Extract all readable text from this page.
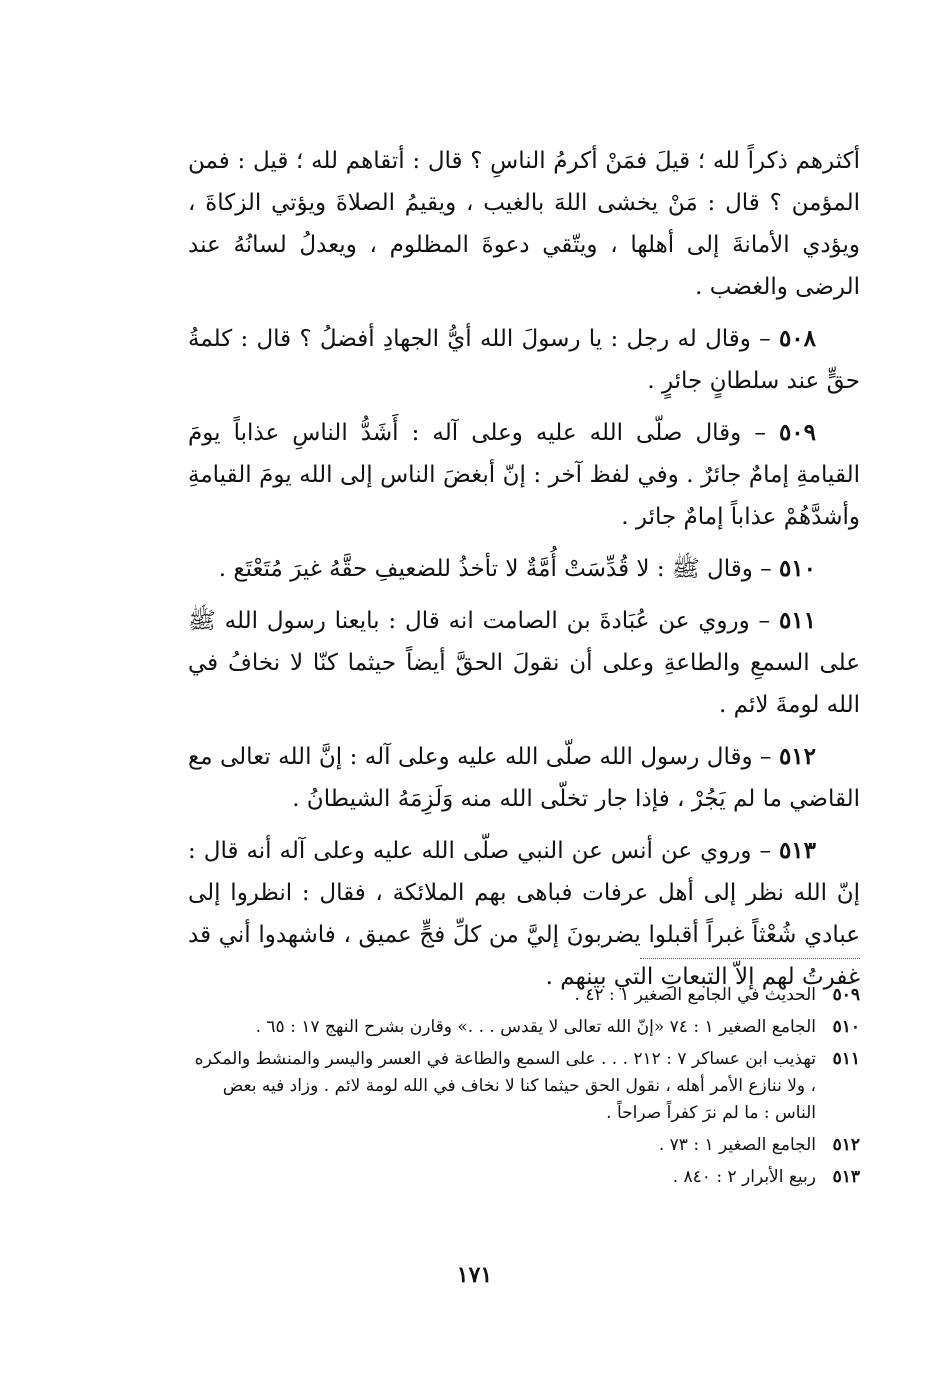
أكثرهم ذكراً لله ؛ قيلَ فمَنْ أكرمُ الناسِ ؟ قال : أتقاهم لله ؛ قيل : فمن المؤمن ؟ قال : مَنْ يخشى اللهَ بالغيب ، ويقيمُ الصلاةَ ويؤتي الزكاةَ ، ويؤدي الأمانةَ إلى أهلها ، ويتّقي دعوةَ المظلوم ، ويعدلُ لسانُهُ عند الرضى والغضب .

٥٠٨ – وقال له رجل : يا رسولَ الله أيُّ الجهادِ أفضلُ ؟ قال : كلمةُ حقٍّ عند سلطانٍ جائرٍ .

٥٠٩ – وقال صلّى الله عليه وعلى آله : أَشَدُّ الناسِ عذاباً يومَ القيامةِ إمامٌ جائرٌ . وفي لفظ آخر : إنّ أبغضَ الناس إلى الله يومَ القيامةِ وأشدَّهُمْ عذاباً إمامٌ جائر .

٥١٠ – وقال ﷺ : لا قُدِّسَتْ أُمَّةٌ لا تأخذُ للضعيفِ حقَّهُ غيرَ مُتَعْتَع .

٥١١ – وروي عن عُبَادةَ بن الصامت انه قال : بايعنا رسول الله ﷺ على السمعِ والطاعةِ وعلى أن نقولَ الحقَّ أيضاً حيثما كنّا لا نخافُ في الله لومةَ لائم .

٥١٢ – وقال رسول الله صلّى الله عليه وعلى آله : إنَّ الله تعالى مع القاضي ما لم يَجُرْ ، فإذا جار تخلّى الله منه وَلَزِمَهُ الشيطانُ .

٥١٣ – وروي عن أنس عن النبي صلّى الله عليه وعلى آله أنه قال : إنّ الله نظر إلى أهل عرفات فباهى بهم الملائكة ، فقال : انظروا إلى عبادي شُعْثاً غبراً أقبلوا يضربونَ إليَّ من كلِّ فجٍّ عميق ، فاشهدوا أني قد غفرتُ لهم إلاّ التبعاتِ التي بينهم .

٥٠٩
الحديث في الجامع الصغير ١ : ٤٢ .
٥١٠
الجامع الصغير ١ : ٧٤ «إنّ الله تعالى لا يقدس . . .» وقارن بشرح النهج ١٧ : ٦٥ .
٥١١
تهذيب ابن عساكر ٧ : ٢١٢ . . . على السمع والطاعة في العسر واليسر والمنشط والمكره ، ولا ننازع الأمر أهله ، نقول الحق حيثما كنا لا نخاف في الله لومة لائم . وزاد فيه بعض الناس : ما لم نرَ كفراً صراحاً .
٥١٢
الجامع الصغير ١ : ٧٣ .
٥١٣
ربيع الأبرار ٢ : ٨٤٠ .
١٧١
